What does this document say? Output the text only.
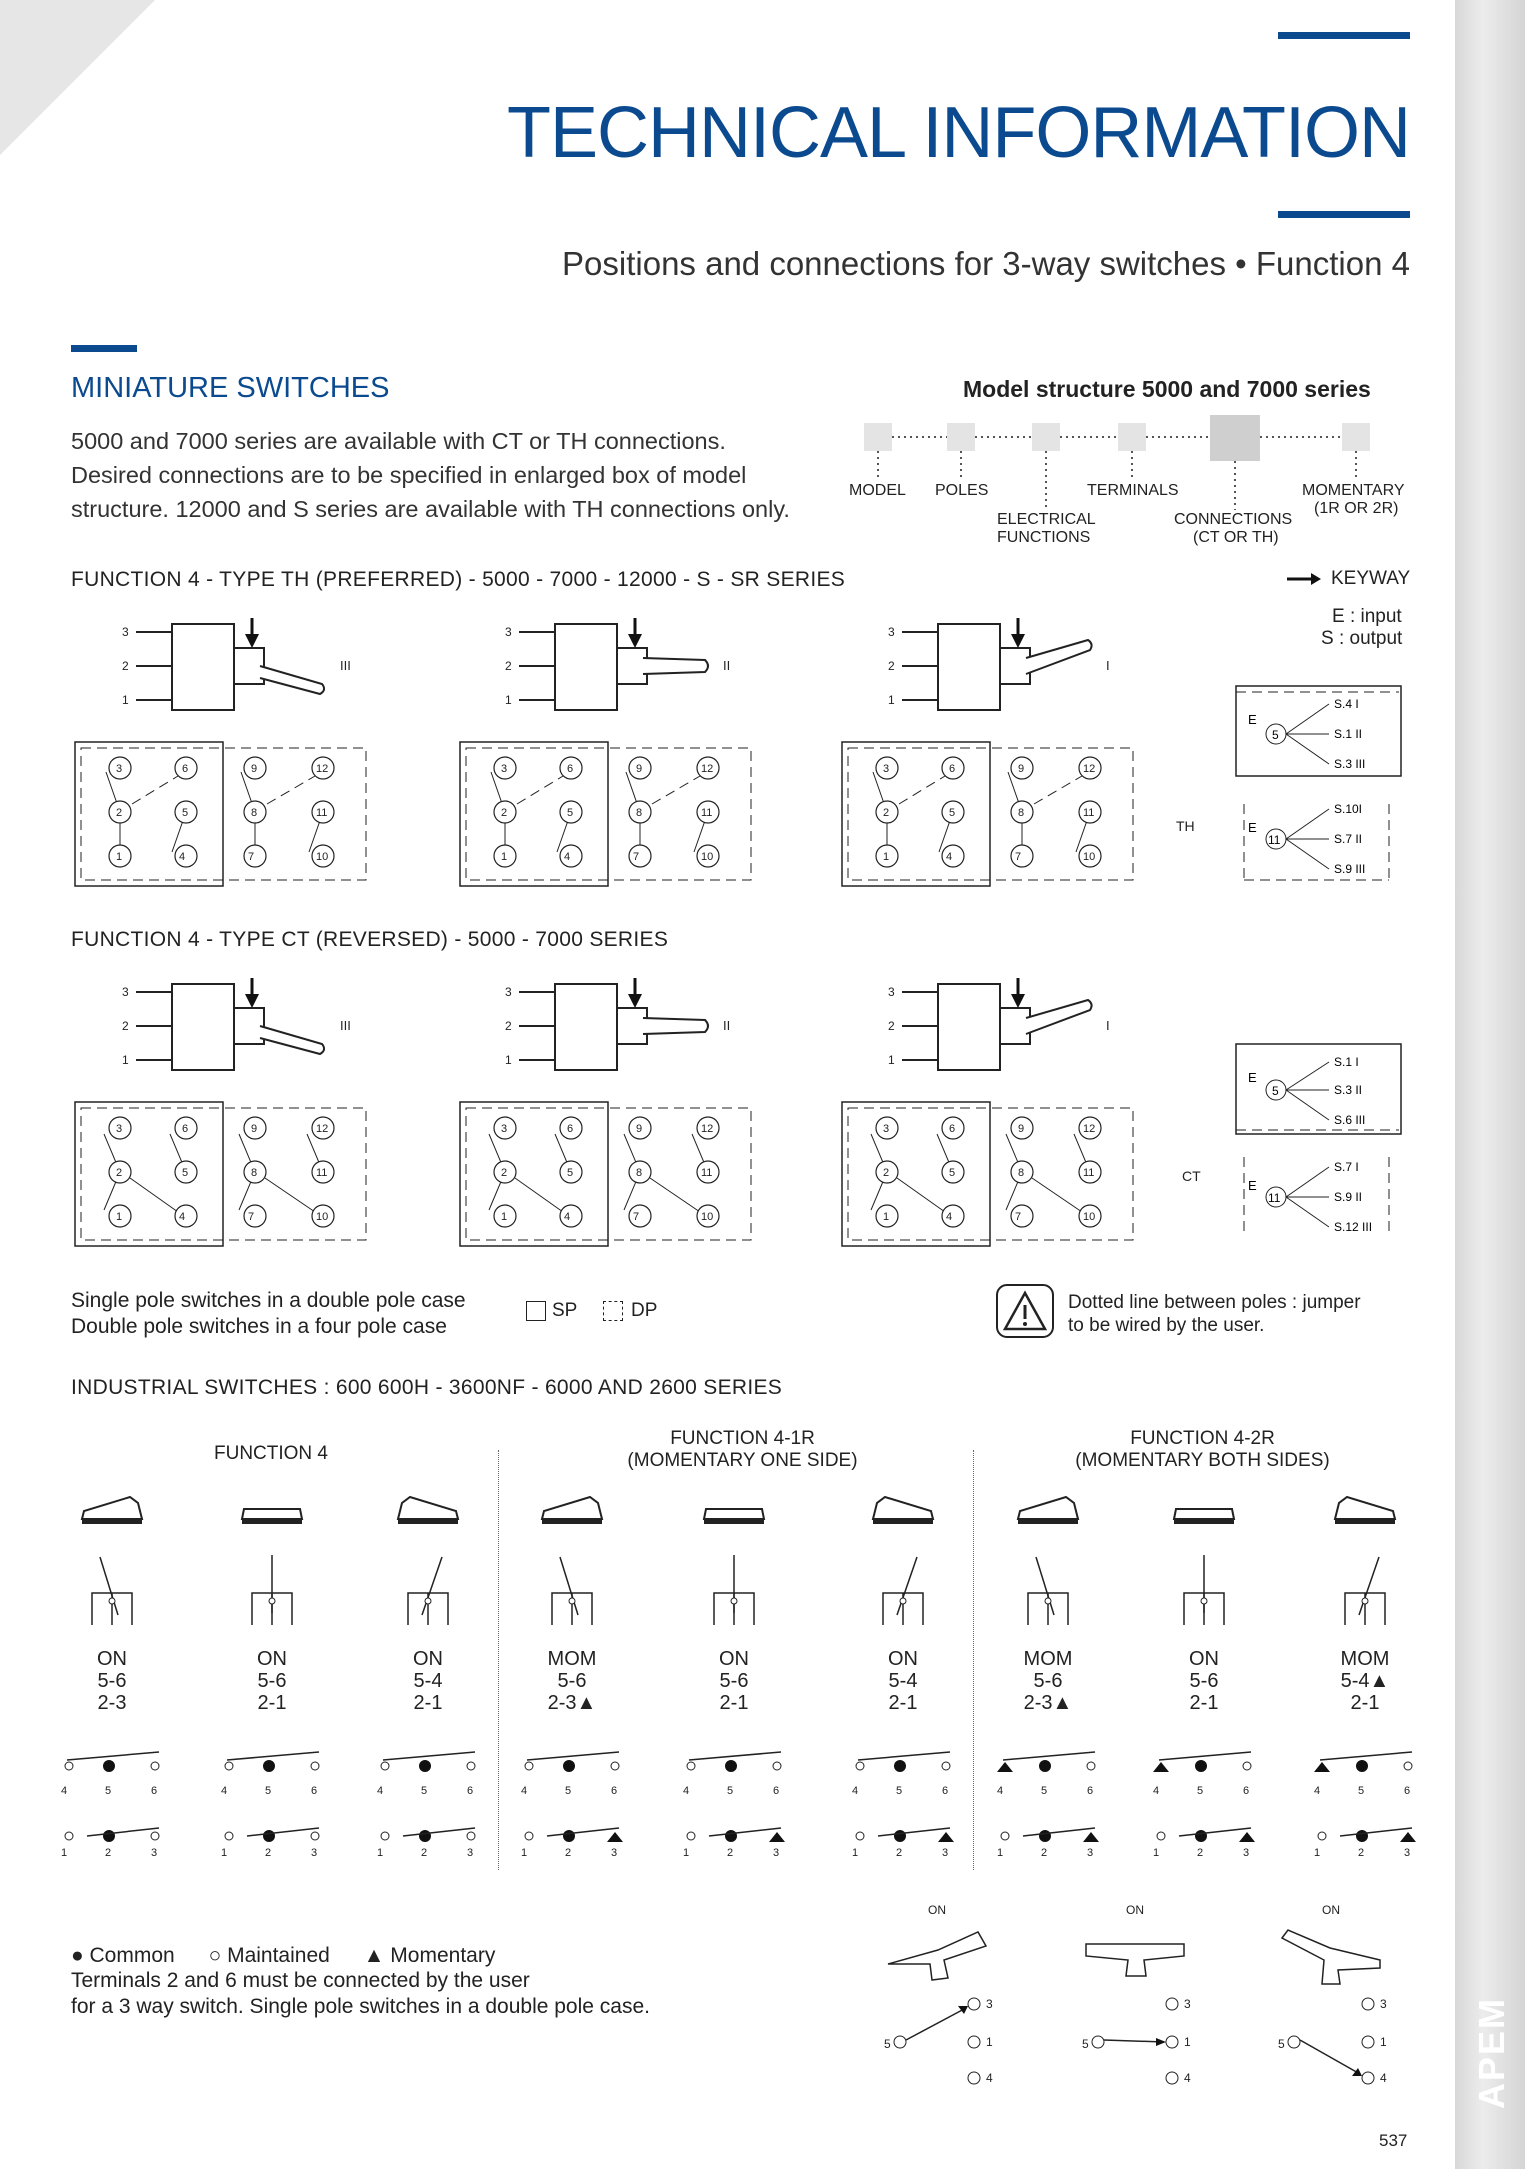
APEM
TECHNICAL INFORMATION
Positions and connections for 3-way switches • Function 4
MINIATURE SWITCHES
5000 and 7000 series are available with CT or TH connections.
Desired connections are to be specified in enlarged box of model
structure. 12000 and S series are available with TH connections only.
Model structure 5000 and 7000 series
MODEL POLES
ELECTRICAL
FUNCTIONS
TERMINALS
CONNECTIONS
(CT OR TH)
MOMENTARY
(1R OR 2R)
FUNCTION 4 - TYPE TH (PREFERRED) - 5000 - 7000 - 12000 - S - SR SERIES	KEYWAY
E : input
S : output
TH
5
E
S.4 I
S.1 II
S.3 III
11
E
S.10I
S.7 II
S.9 III
FUNCTION 4 - TYPE CT (REVERSED) - 5000 - 7000 SERIES
CT
5
E
S.1 I
S.3 II
S.6 III
11
E
S.7 I
S.9 II
S.12 III
Single pole switches in a double pole case
Double pole switches in a four pole case
SP	DP	Dotted line between poles : jumper
to be wired by the user.
INDUSTRIAL SWITCHES : 600 600H - 3600NF - 6000 AND 2600 SERIES
FUNCTION 4
FUNCTION 4-1R
(MOMENTARY ONE SIDE)
FUNCTION 4-2R
(MOMENTARY BOTH SIDES)
● Common ○ Maintained ▲ Momentary
Terminals 2 and 6 must be connected by the user
for a 3 way switch. Single pole switches in a double pole case.
537
3
2
1
III
3
2
1
II
3
2
1
I
3
2
1
III
3
2
1
II
3
2
1
I
3	6	9	12
2	5	8	11
1	4	7	10
3	6	9	12
2	5	8	11
1	4	7	10
3	6	9	12
2	5	8	11
1	4	7	10
3	6	9	12
2	5	8	11
1	4	7	10
3	6	9	12
2	5	8	11
1	4	7	10
3	6	9	12
2	5	8	11
1	4	7	10
ON
5-6
2-3
4	5	6
1	2	3
ON
5-6
2-1
4	5	6
1	2	3
ON
5-4
2-1
4	5	6
1	2	3
MOM
5-6
2-3▲
4	5	6
1	2	3
ON
5-6
2-1
4	5	6
1	2	3
ON
5-4
2-1
4	5	6
1	2	3
MOM
5-6
2-3▲
4	5	6
1	2	3
ON
5-6
2-1
4	5	6
1	2	3
MOM
5-4▲
2-1
4	5	6
1	2	3
ON
3
1
4
5
ON
3
1
4
5
ON
3
1
4
5
